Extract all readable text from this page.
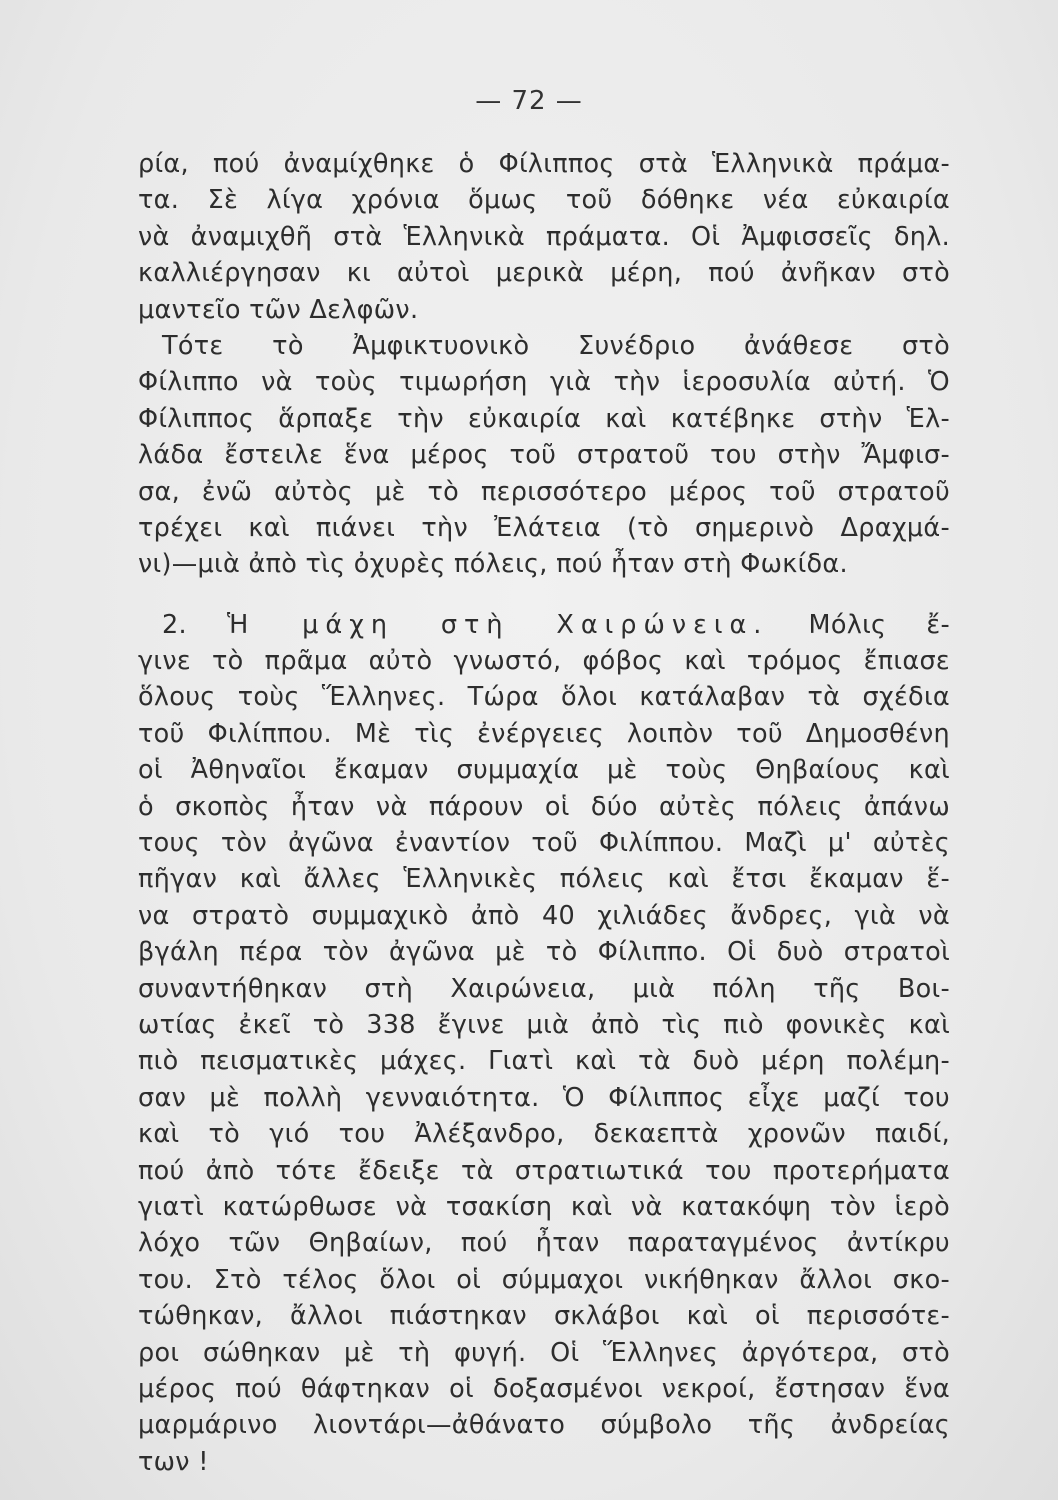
— 72 —
ρία, πού ἀναμίχθηκε ὁ Φίλιππος στὰ Ἑλληνικὰ πράμα-
τα. Σὲ λίγα χρόνια ὅμως τοῦ δόθηκε νέα εὐκαιρία
νὰ ἀναμιχθῆ στὰ Ἑλληνικὰ πράματα. Οἱ Ἀμφισσεῖς δηλ.
καλλιέργησαν κι αὐτοὶ μερικὰ μέρη, πού ἀνῆκαν στὸ
μαντεῖο τῶν Δελφῶν.
Τότε τὸ Ἀμφικτυονικὸ Συνέδριο ἀνάθεσε στὸ
Φίλιππο νὰ τοὺς τιμωρήση γιὰ τὴν ἱεροσυλία αὐτή. Ὁ
Φίλιππος ἅρπαξε τὴν εὐκαιρία καὶ κατέβηκε στὴν Ἑλ-
λάδα ἔστειλε ἕνα μέρος τοῦ στρατοῦ του στὴν Ἄμφισ-
σα, ἐνῶ αὐτὸς μὲ τὸ περισσότερο μέρος τοῦ στρατοῦ
τρέχει καὶ πιάνει τὴν Ἐλάτεια (τὸ σημερινὸ Δραχμά-
νι)—μιὰ ἀπὸ τὶς ὀχυρὲς πόλεις, πού ἦταν στὴ Φωκίδα.
2. Ἡ μάχη στὴ Χαιρώνεια. Μόλις ἔ-
γινε τὸ πρᾶμα αὐτὸ γνωστό, φόβος καὶ τρόμος ἔπιασε
ὅλους τοὺς Ἕλληνες. Τώρα ὅλοι κατάλαβαν τὰ σχέδια
τοῦ Φιλίππου. Μὲ τὶς ἐνέργειες λοιπὸν τοῦ Δημοσθένη
οἱ Ἀθηναῖοι ἔκαμαν συμμαχία μὲ τοὺς Θηβαίους καὶ
ὁ σκοπὸς ἦταν νὰ πάρουν οἱ δύο αὐτὲς πόλεις ἀπάνω
τους τὸν ἀγῶνα ἐναντίον τοῦ Φιλίππου. Μαζὶ μ' αὐτὲς
πῆγαν καὶ ἄλλες Ἑλληνικὲς πόλεις καὶ ἔτσι ἔκαμαν ἕ-
να στρατὸ συμμαχικὸ ἀπὸ 40 χιλιάδες ἄνδρες, γιὰ νὰ
βγάλη πέρα τὸν ἀγῶνα μὲ τὸ Φίλιππο. Οἱ δυὸ στρατοὶ
συναντήθηκαν στὴ Χαιρώνεια, μιὰ πόλη τῆς Βοι-
ωτίας ἐκεῖ τὸ 338 ἔγινε μιὰ ἀπὸ τὶς πιὸ φονικὲς καὶ
πιὸ πεισματικὲς μάχες. Γιατὶ καὶ τὰ δυὸ μέρη πολέμη-
σαν μὲ πολλὴ γενναιότητα. Ὁ Φίλιππος εἶχε μαζί του
καὶ τὸ γιό του Ἀλέξανδρο, δεκαεπτὰ χρονῶν παιδί,
πού ἀπὸ τότε ἔδειξε τὰ στρατιωτικά του προτερήματα
γιατὶ κατώρθωσε νὰ τσακίση καὶ νὰ κατακόψη τὸν ἱερὸ
λόχο τῶν Θηβαίων, πού ἦταν παραταγμένος ἀντίκρυ
του. Στὸ τέλος ὅλοι οἱ σύμμαχοι νικήθηκαν ἄλλοι σκο-
τώθηκαν, ἄλλοι πιάστηκαν σκλάβοι καὶ οἱ περισσότε-
ροι σώθηκαν μὲ τὴ φυγή. Οἱ Ἕλληνες ἀργότερα, στὸ
μέρος πού θάφτηκαν οἱ δοξασμένοι νεκροί, ἔστησαν ἕνα
μαρμάρινο λιοντάρι—ἀθάνατο σύμβολο τῆς ἀνδρείας
των !
